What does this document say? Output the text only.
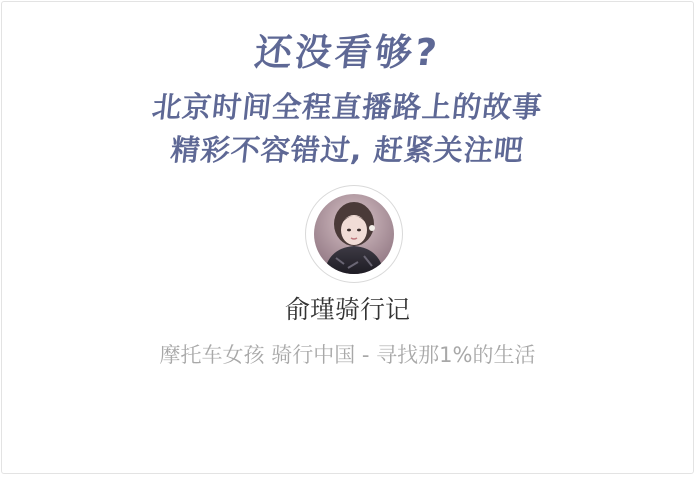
还没看够?
北京时间全程直播路上的故事
精彩不容错过, 赶紧关注吧
俞瑾骑行记
摩托车女孩 骑行中国 - 寻找那1%的生活
